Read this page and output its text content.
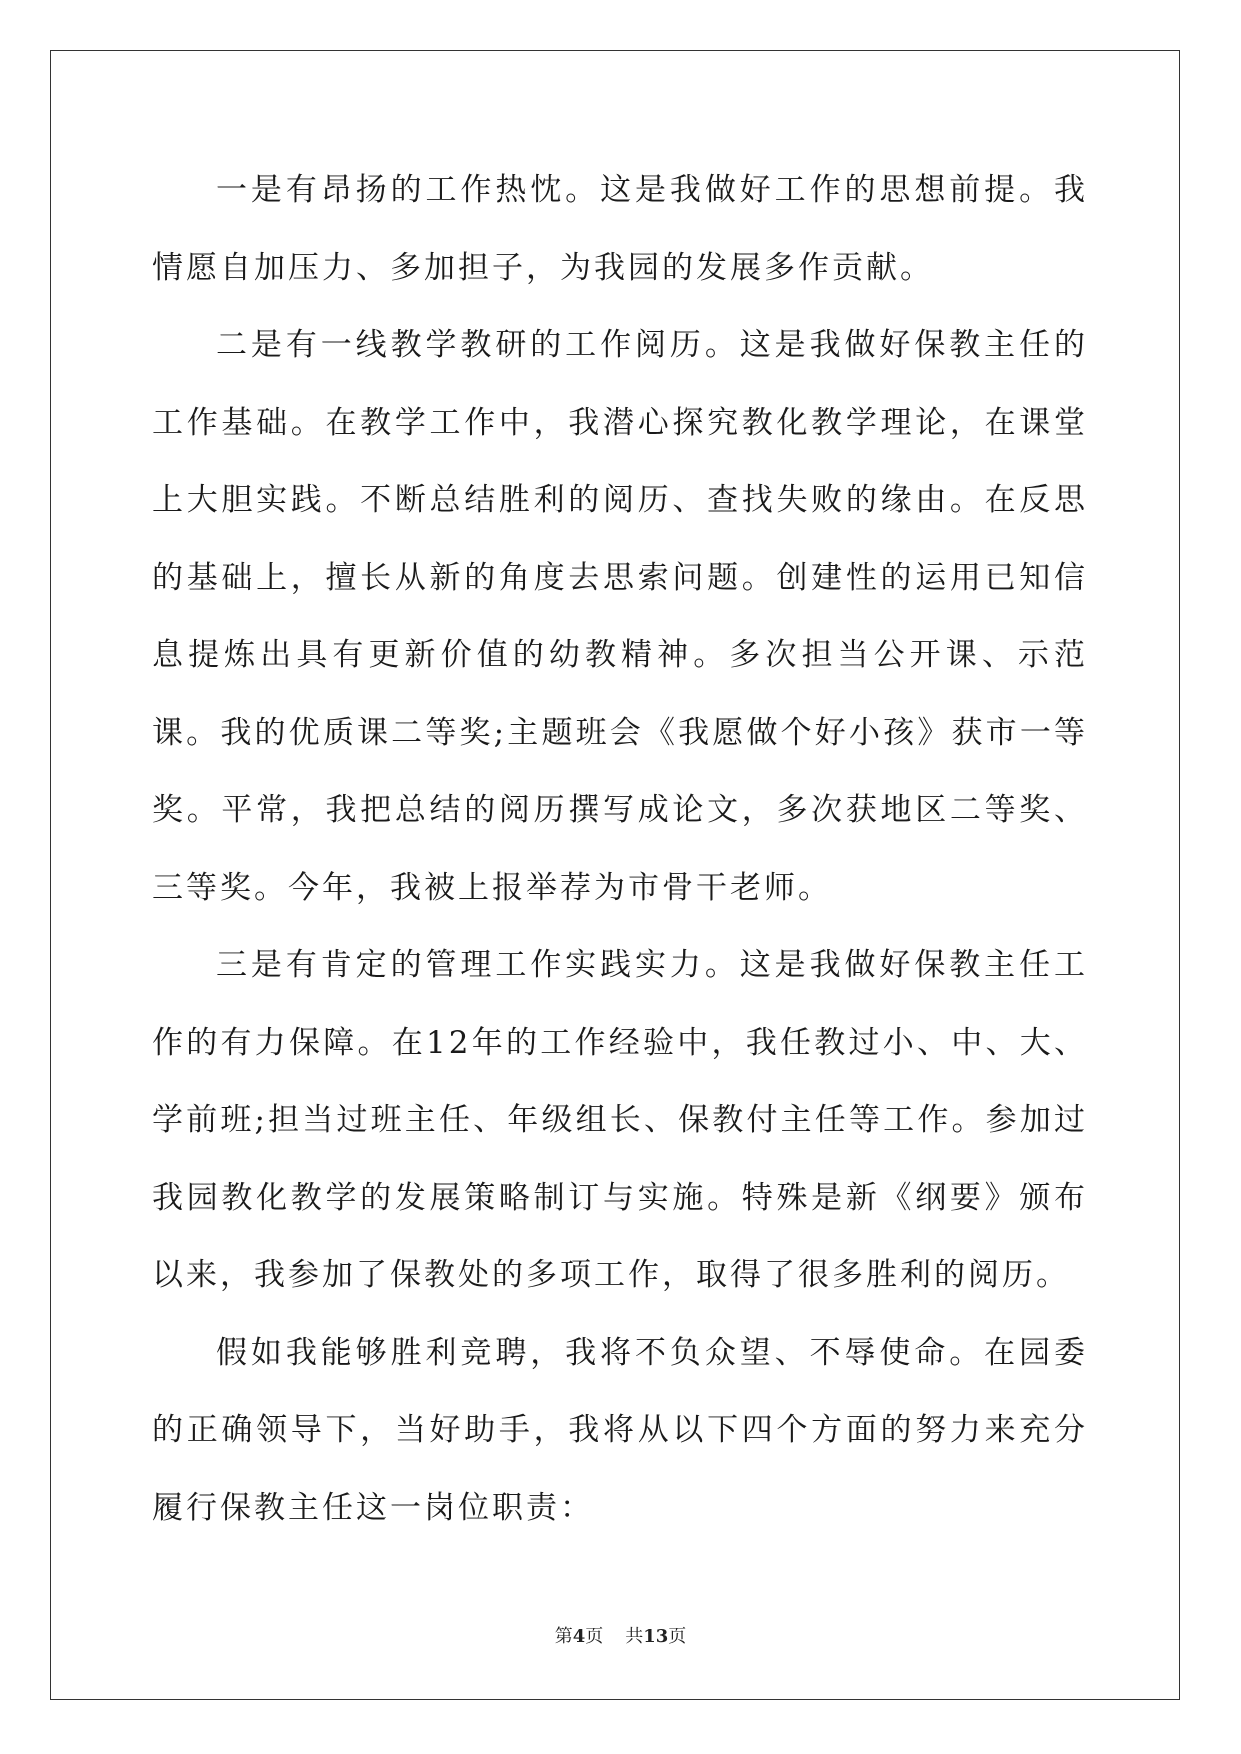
一是有昂扬的工作热忱。这是我做好工作的思想前提。我情愿自加压力、多加担子，为我园的发展多作贡献。

二是有一线教学教研的工作阅历。这是我做好保教主任的工作基础。在教学工作中，我潜心探究教化教学理论，在课堂上大胆实践。不断总结胜利的阅历、查找失败的缘由。在反思的基础上，擅长从新的角度去思索问题。创建性的运用已知信息提炼出具有更新价值的幼教精神。多次担当公开课、示范课。我的优质课二等奖;主题班会《我愿做个好小孩》获市一等奖。平常，我把总结的阅历撰写成论文，多次获地区二等奖、三等奖。今年，我被上报举荐为市骨干老师。

三是有肯定的管理工作实践实力。这是我做好保教主任工作的有力保障。在12年的工作经验中，我任教过小、中、大、学前班;担当过班主任、年级组长、保教付主任等工作。参加过我园教化教学的发展策略制订与实施。特殊是新《纲要》颁布以来，我参加了保教处的多项工作，取得了很多胜利的阅历。

假如我能够胜利竞聘，我将不负众望、不辱使命。在园委的正确领导下，当好助手，我将从以下四个方面的努力来充分履行保教主任这一岗位职责：

第4页 共13页
